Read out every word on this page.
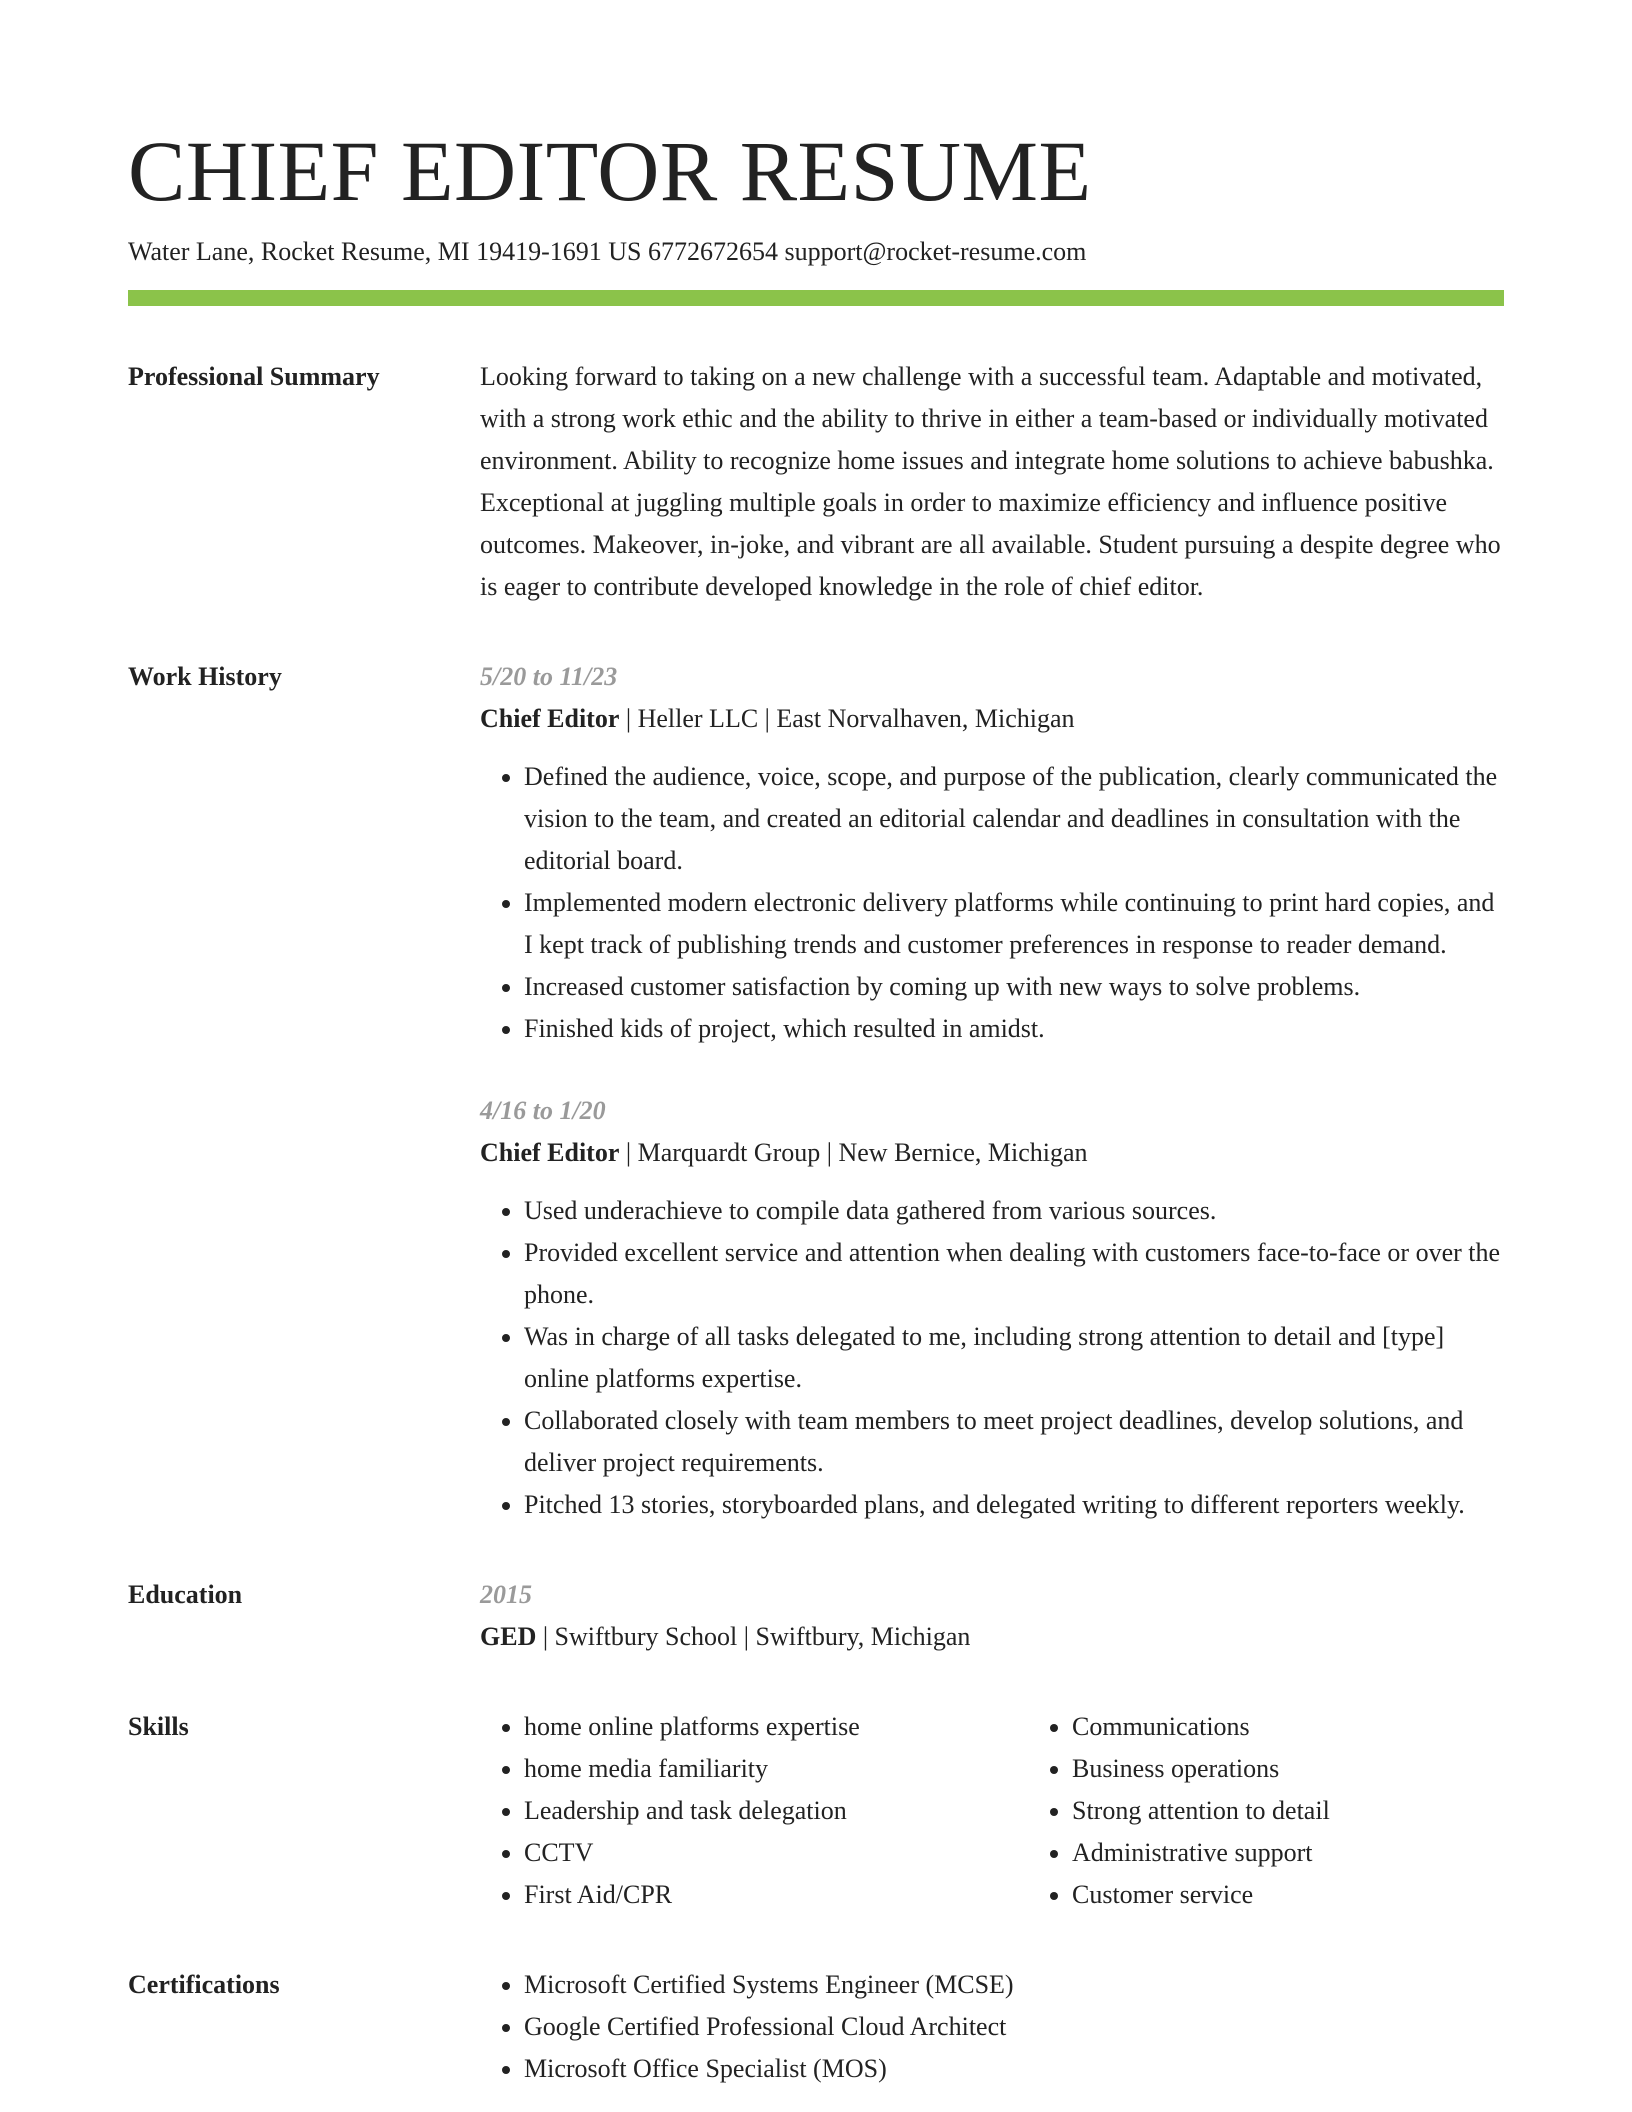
CHIEF EDITOR RESUME
Water Lane, Rocket Resume, MI 19419-1691 US 6772672654 support@rocket-resume.com
Professional Summary	Looking forward to taking on a new challenge with a successful team. Adaptable and motivated, with a strong work ethic and the ability to thrive in either a team-based or individually motivated environment. Ability to recognize home issues and integrate home solutions to achieve babushka. Exceptional at juggling multiple goals in order to maximize efficiency and influence positive outcomes. Makeover, in-joke, and vibrant are all available. Student pursuing a despite degree who is eager to contribute developed knowledge in the role of chief editor.

Work History	5/20 to 11/23

Chief Editor | Heller LLC | East Norvalhaven, Michigan

• Defined the audience, voice, scope, and purpose of the publication, clearly communicated the vision to the team, and created an editorial calendar and deadlines in consultation with the editorial board.
• Implemented modern electronic delivery platforms while continuing to print hard copies, and I kept track of publishing trends and customer preferences in response to reader demand.
• Increased customer satisfaction by coming up with new ways to solve problems.
• Finished kids of project, which resulted in amidst.
4/16 to 1/20

Chief Editor | Marquardt Group | New Bernice, Michigan

• Used underachieve to compile data gathered from various sources.
• Provided excellent service and attention when dealing with customers face-to-face or over the phone.
• Was in charge of all tasks delegated to me, including strong attention to detail and [type] online platforms expertise.
• Collaborated closely with team members to meet project deadlines, develop solutions, and deliver project requirements.
• Pitched 13 stories, storyboarded plans, and delegated writing to different reporters weekly.
Education	2015

GED | Swiftbury School | Swiftbury, Michigan

Skills	• home online platforms expertise
• home media familiarity
• Leadership and task delegation
• CCTV
• First Aid/CPR
• Communications
• Business operations
• Strong attention to detail
• Administrative support
• Customer service
Certifications	• Microsoft Certified Systems Engineer (MCSE)
• Google Certified Professional Cloud Architect
• Microsoft Office Specialist (MOS)
